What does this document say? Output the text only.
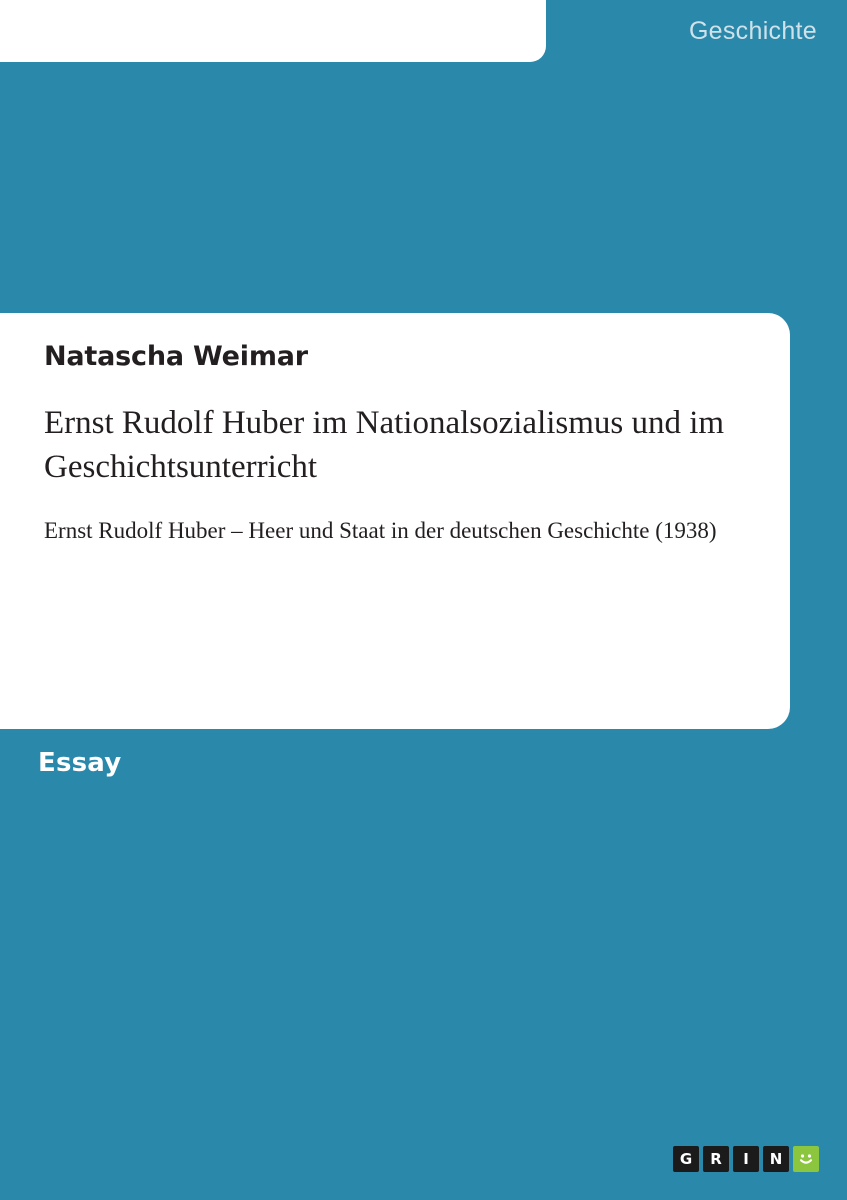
Geschichte
Natascha Weimar
Ernst Rudolf Huber im Nationalsozialismus und im Geschichtsunterricht
Ernst Rudolf Huber – Heer und Staat in der deutschen Geschichte (1938)
Essay
G	R	I	N
